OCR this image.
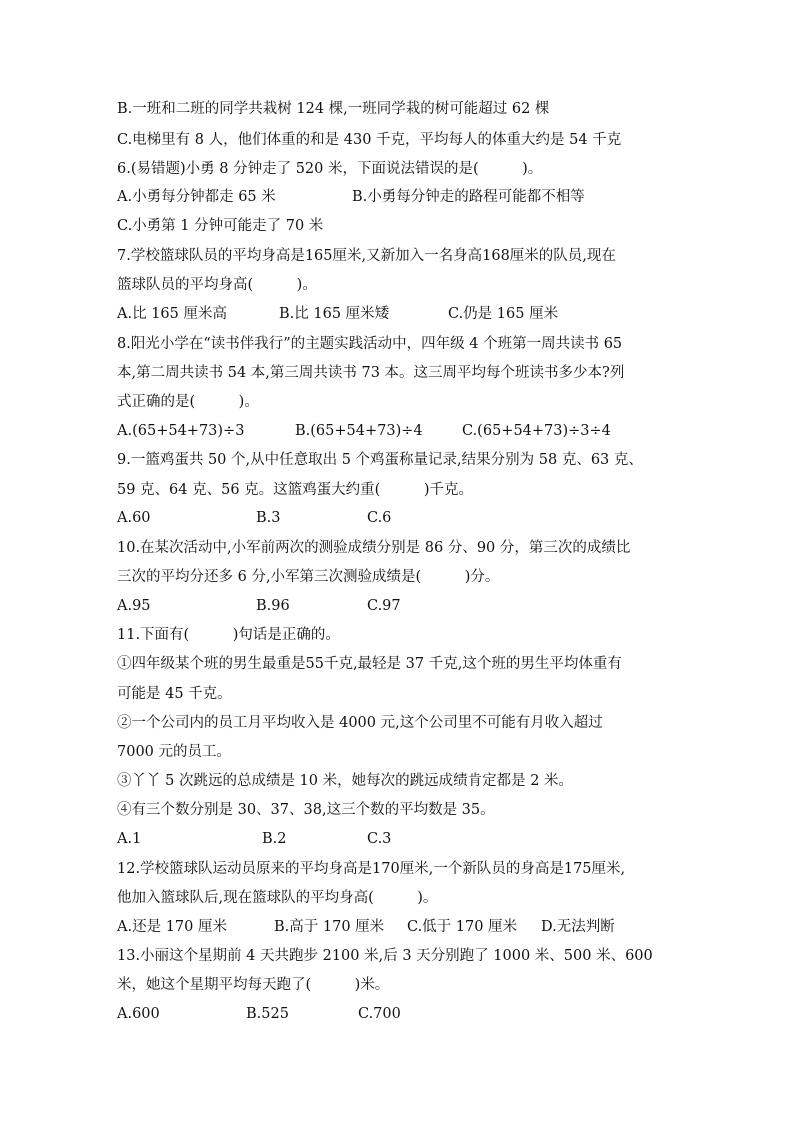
B.一班和二班的同学共栽树 124 棵,一班同学栽的树可能超过 62 棵
C.电梯里有 8 人，他们体重的和是 430 千克，平均每人的体重大约是 54 千克
6.(易错题)小勇 8 分钟走了 520 米，下面说法错误的是(　　　)。
A.小勇每分钟都走 65 米	B.小勇每分钟走的路程可能都不相等
C.小勇第 1 分钟可能走了 70 米
7.学校篮球队员的平均身高是165厘米,又新加入一名身高168厘米的队员,现在
篮球队员的平均身高(　　　)。
A.比 165 厘米高	B.比 165 厘米矮	C.仍是 165 厘米
8.阳光小学在“读书伴我行”的主题实践活动中，四年级 4 个班第一周共读书 65
本,第二周共读书 54 本,第三周共读书 73 本。这三周平均每个班读书多少本?列
式正确的是(　　　)。
A.(65+54+73)÷3	B.(65+54+73)÷4	C.(65+54+73)÷3÷4
9.一篮鸡蛋共 50 个,从中任意取出 5 个鸡蛋称量记录,结果分别为 58 克、63 克、
59 克、64 克、56 克。这篮鸡蛋大约重(　　　)千克。
A.60	B.3	C.6
10.在某次活动中,小军前两次的测验成绩分别是 86 分、90 分，第三次的成绩比
三次的平均分还多 6 分,小军第三次测验成绩是(　　　)分。
A.95	B.96	C.97
11.下面有(　　　)句话是正确的。
①四年级某个班的男生最重是55千克,最轻是 37 千克,这个班的男生平均体重有
可能是 45 千克。
②一个公司内的员工月平均收入是 4000 元,这个公司里不可能有月收入超过
7000 元的员工。
③丫丫 5 次跳远的总成绩是 10 米，她每次的跳远成绩肯定都是 2 米。
④有三个数分别是 30、37、38,这三个数的平均数是 35。
A.1	B.2	C.3
12.学校篮球队运动员原来的平均身高是170厘米,一个新队员的身高是175厘米,
他加入篮球队后,现在篮球队的平均身高(　　　)。
A.还是 170 厘米	B.高于 170 厘米 C.低于 170 厘米 D.无法判断
13.小丽这个星期前 4 天共跑步 2100 米,后 3 天分别跑了 1000 米、500 米、600
米，她这个星期平均每天跑了(　　　)米。
A.600	B.525	C.700
